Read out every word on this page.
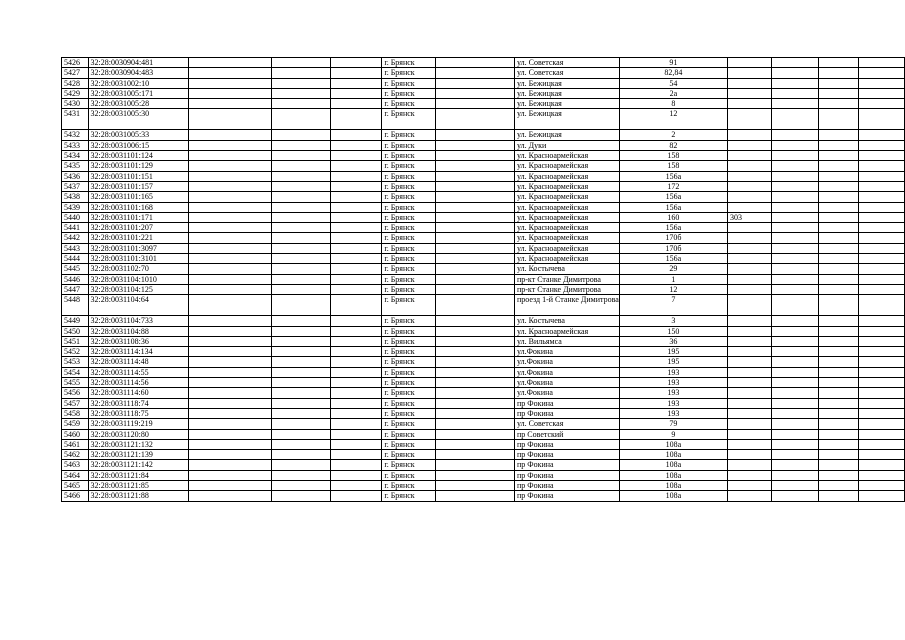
5426	32:28:0030904:481				г. Брянск		ул. Советская	91				
5427	32:28:0030904:483				г. Брянск		ул. Советская	82,84				
5428	32:28:0031002:10				г. Брянск		ул. Бежицкая	54				
5429	32:28:0031005:171				г. Брянск		ул. Бежицкая	2а				
5430	32:28:0031005:28				г. Брянск		ул. Бежицкая	8				
5431	32:28:0031005:30				г. Брянск		ул. Бежицкая	12				
5432	32:28:0031005:33				г. Брянск		ул. Бежицкая	2				
5433	32:28:0031006:15				г. Брянск		ул. Дуки	82				
5434	32:28:0031101:124				г. Брянск		ул. Красноармейская	158				
5435	32:28:0031101:129				г. Брянск		ул. Красноармейская	158				
5436	32:28:0031101:151				г. Брянск		ул. Красноармейская	156а				
5437	32:28:0031101:157				г. Брянск		ул. Красноармейская	172				
5438	32:28:0031101:165				г. Брянск		ул. Красноармейская	156а				
5439	32:28:0031101:168				г. Брянск		ул. Красноармейская	156а				
5440	32:28:0031101:171				г. Брянск		ул. Красноармейская	160	303			
5441	32:28:0031101:207				г. Брянск		ул. Красноармейская	156а				
5442	32:28:0031101:221				г. Брянск		ул. Красноармейская	170б				
5443	32:28:0031101:3097				г. Брянск		ул. Красноармейская	170б				
5444	32:28:0031101:3101				г. Брянск		ул. Красноармейская	156а				
5445	32:28:0031102:70				г. Брянск		ул. Костычева	29				
5446	32:28:0031104:1010				г. Брянск		пр-кт Станке Димитрова	1				
5447	32:28:0031104:125				г. Брянск		пр-кт Станке Димитрова	12				
5448	32:28:0031104:64				г. Брянск		проезд 1-й Станке Димитрова	7				
5449	32:28:0031104:733				г. Брянск		ул. Костычева	3				
5450	32:28:0031104:88				г. Брянск		ул. Красноармейская	150				
5451	32:28:0031108:36				г. Брянск		ул. Вильямса	36				
5452	32:28:0031114:134				г. Брянск		ул.Фокина	195				
5453	32:28:0031114:48				г. Брянск		ул.Фокина	195				
5454	32:28:0031114:55				г. Брянск		ул.Фокина	193				
5455	32:28:0031114:56				г. Брянск		ул.Фокина	193				
5456	32:28:0031114:60				г. Брянск		ул.Фокина	193				
5457	32:28:0031118:74				г. Брянск		пр Фокина	193				
5458	32:28:0031118:75				г. Брянск		пр Фокина	193				
5459	32:28:0031119:219				г. Брянск		ул. Советская	79				
5460	32:28:0031120:80				г. Брянск		пр Советский	9				
5461	32:28:0031121:132				г. Брянск		пр Фокина	108а				
5462	32:28:0031121:139				г. Брянск		пр Фокина	108а				
5463	32:28:0031121:142				г. Брянск		пр Фокина	108а				
5464	32:28:0031121:84				г. Брянск		пр Фокина	108а				
5465	32:28:0031121:85				г. Брянск		пр Фокина	108а				
5466	32:28:0031121:88				г. Брянск		пр Фокина	108а				
